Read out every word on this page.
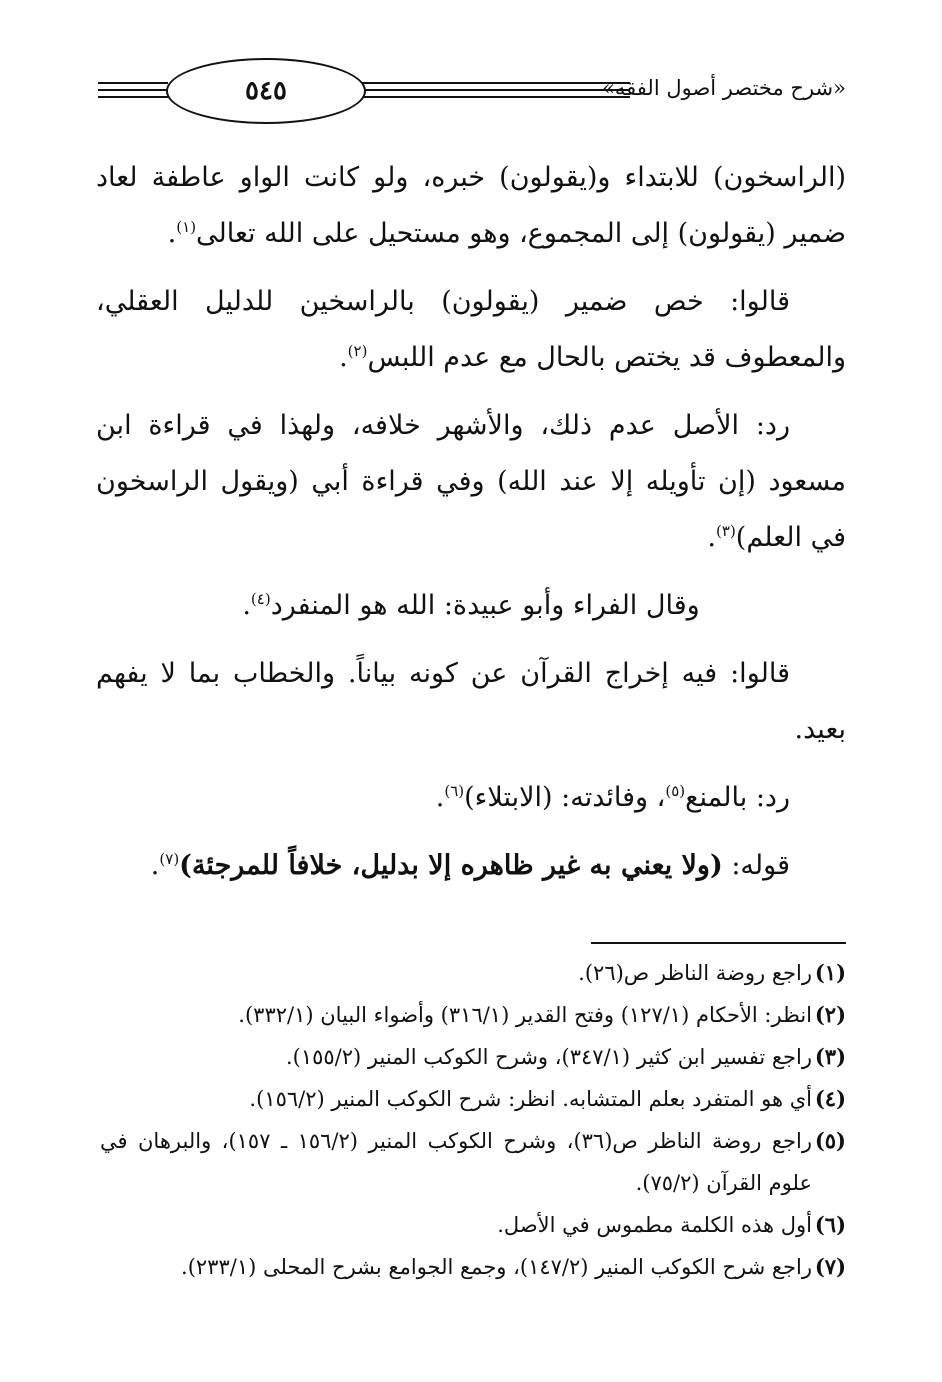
٥٤٥	«شرح مختصر أصول الفقه»

(الراسخون) للابتداء و(يقولون) خبره، ولو كانت الواو عاطفة لعاد ضمير (يقولون) إلى المجموع، وهو مستحيل على الله تعالى$^{(١)}$.

قالوا: خص ضمير (يقولون) بالراسخين للدليل العقلي، والمعطوف قد يختص بالحال مع عدم اللبس$^{(٢)}$.

رد: الأصل عدم ذلك، والأشهر خلافه، ولهذا في قراءة ابن مسعود (إن تأويله إلا عند الله) وفي قراءة أبي (ويقول الراسخون في العلم)$^{(٣)}$.

وقال الفراء وأبو عبيدة: الله هو المنفرد$^{(٤)}$.

قالوا: فيه إخراج القرآن عن كونه بياناً. والخطاب بما لا يفهم بعيد.

رد: بالمنع$^{(٥)}$، وفائدته: (الابتلاء)$^{(٦)}$.

قوله: (ولا يعني به غير ظاهره إلا بدليل، خلافاً للمرجئة)$^{(٧)}$.

(١)راجع روضة الناظر ص(٢٦).
(٢)انظر: الأحكام (١٢٧/١) وفتح القدير (٣١٦/١) وأضواء البيان (٣٣٢/١).
(٣)راجع تفسير ابن كثير (٣٤٧/١)، وشرح الكوكب المنير (١٥٥/٢).
(٤)أي هو المتفرد بعلم المتشابه. انظر: شرح الكوكب المنير (١٥٦/٢).
(٥)راجع روضة الناظر ص(٣٦)، وشرح الكوكب المنير (١٥٦/٢ ـ ١٥٧)، والبرهان في علوم القرآن (٧٥/٢).
(٦)أول هذه الكلمة مطموس في الأصل.
(٧)راجع شرح الكوكب المنير (١٤٧/٢)، وجمع الجوامع بشرح المحلى (٢٣٣/١).
